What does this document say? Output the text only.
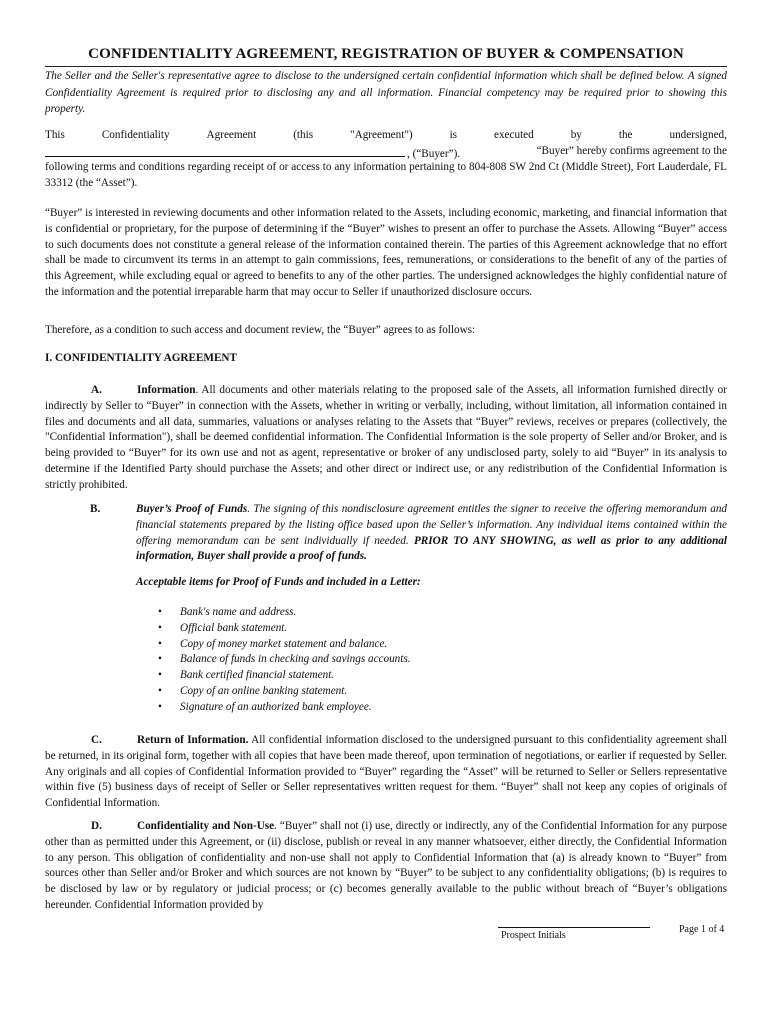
CONFIDENTIALITY AGREEMENT, REGISTRATION OF BUYER & COMPENSATION
The Seller and the Seller's representative agree to disclose to the undersigned certain confidential information which shall be defined below. A signed Confidentiality Agreement is required prior to disclosing any and all information. Financial competency may be required prior to showing this property.
This	Confidentiality	Agreement	(this	"Agreement")	is	executed	by	the	undersigned,
, (“Buyer”).	“Buyer” hereby confirms agreement to the
following terms and conditions regarding receipt of or access to any information pertaining to 804-808 SW 2nd Ct (Middle Street), Fort Lauderdale, FL 33312 (the “Asset”).
“Buyer” is interested in reviewing documents and other information related to the Assets, including economic, marketing, and financial information that is confidential or proprietary, for the purpose of determining if the “Buyer” wishes to present an offer to purchase the Assets. Allowing “Buyer” access to such documents does not constitute a general release of the information contained therein. The parties of this Agreement acknowledge that no effort shall be made to circumvent its terms in an attempt to gain commissions, fees, remunerations, or considerations to the benefit of any of the parties of this Agreement, while excluding equal or agreed to benefits to any of the other parties. The undersigned acknowledges the highly confidential nature of the information and the potential irreparable harm that may occur to Seller if unauthorized disclosure occurs.
Therefore, as a condition to such access and document review, the “Buyer” agrees to as follows:
I. CONFIDENTIALITY AGREEMENT
A.	Information. All documents and other materials relating to the proposed sale of the Assets, all information furnished directly or indirectly by Seller to “Buyer” in connection with the Assets, whether in writing or verbally, including, without limitation, all information contained in files and documents and all data, summaries, valuations or analyses relating to the Assets that “Buyer” reviews, receives or prepares (collectively, the "Confidential Information"), shall be deemed confidential information. The Confidential Information is the sole property of Seller and/or Broker, and is being provided to “Buyer” for its own use and not as agent, representative or broker of any undisclosed party, solely to aid “Buyer” in its analysis to determine if the Identified Party should purchase the Assets; and other direct or indirect use, or any redistribution of the Confidential Information is strictly prohibited.
B.	Buyer’s Proof of Funds. The signing of this nondisclosure agreement entitles the signer to receive the offering memorandum and financial statements prepared by the listing office based upon the Seller’s information. Any individual items contained within the offering memorandum can be sent individually if needed. PRIOR TO ANY SHOWING, as well as prior to any additional information, Buyer shall provide a proof of funds.
Acceptable items for Proof of Funds and included in a Letter:
• Bank's name and address.
• Official bank statement.
• Copy of money market statement and balance.
• Balance of funds in checking and savings accounts.
• Bank certified financial statement.
• Copy of an online banking statement.
• Signature of an authorized bank employee.
C.	Return of Information. All confidential information disclosed to the undersigned pursuant to this confidentiality agreement shall be returned, in its original form, together with all copies that have been made thereof, upon termination of negotiations, or earlier if requested by Seller. Any originals and all copies of Confidential Information provided to “Buyer” regarding the “Asset” will be returned to Seller or Sellers representative within five (5) business days of receipt of Seller or Seller representatives written request for them. “Buyer” shall not keep any copies of originals of Confidential Information.
D.	Confidentiality and Non-Use. “Buyer” shall not (i) use, directly or indirectly, any of the Confidential Information for any purpose other than as permitted under this Agreement, or (ii) disclose, publish or reveal in any manner whatsoever, either directly, the Confidential Information to any person. This obligation of confidentiality and non-use shall not apply to Confidential Information that (a) is already known to “Buyer” from sources other than Seller and/or Broker and which sources are not known by “Buyer” to be subject to any confidentiality obligations; (b) is requires to be disclosed by law or by regulatory or judicial process; or (c) becomes generally available to the public without breach of “Buyer’s obligations hereunder. Confidential Information provided by
Prospect Initials
Page 1 of 4
